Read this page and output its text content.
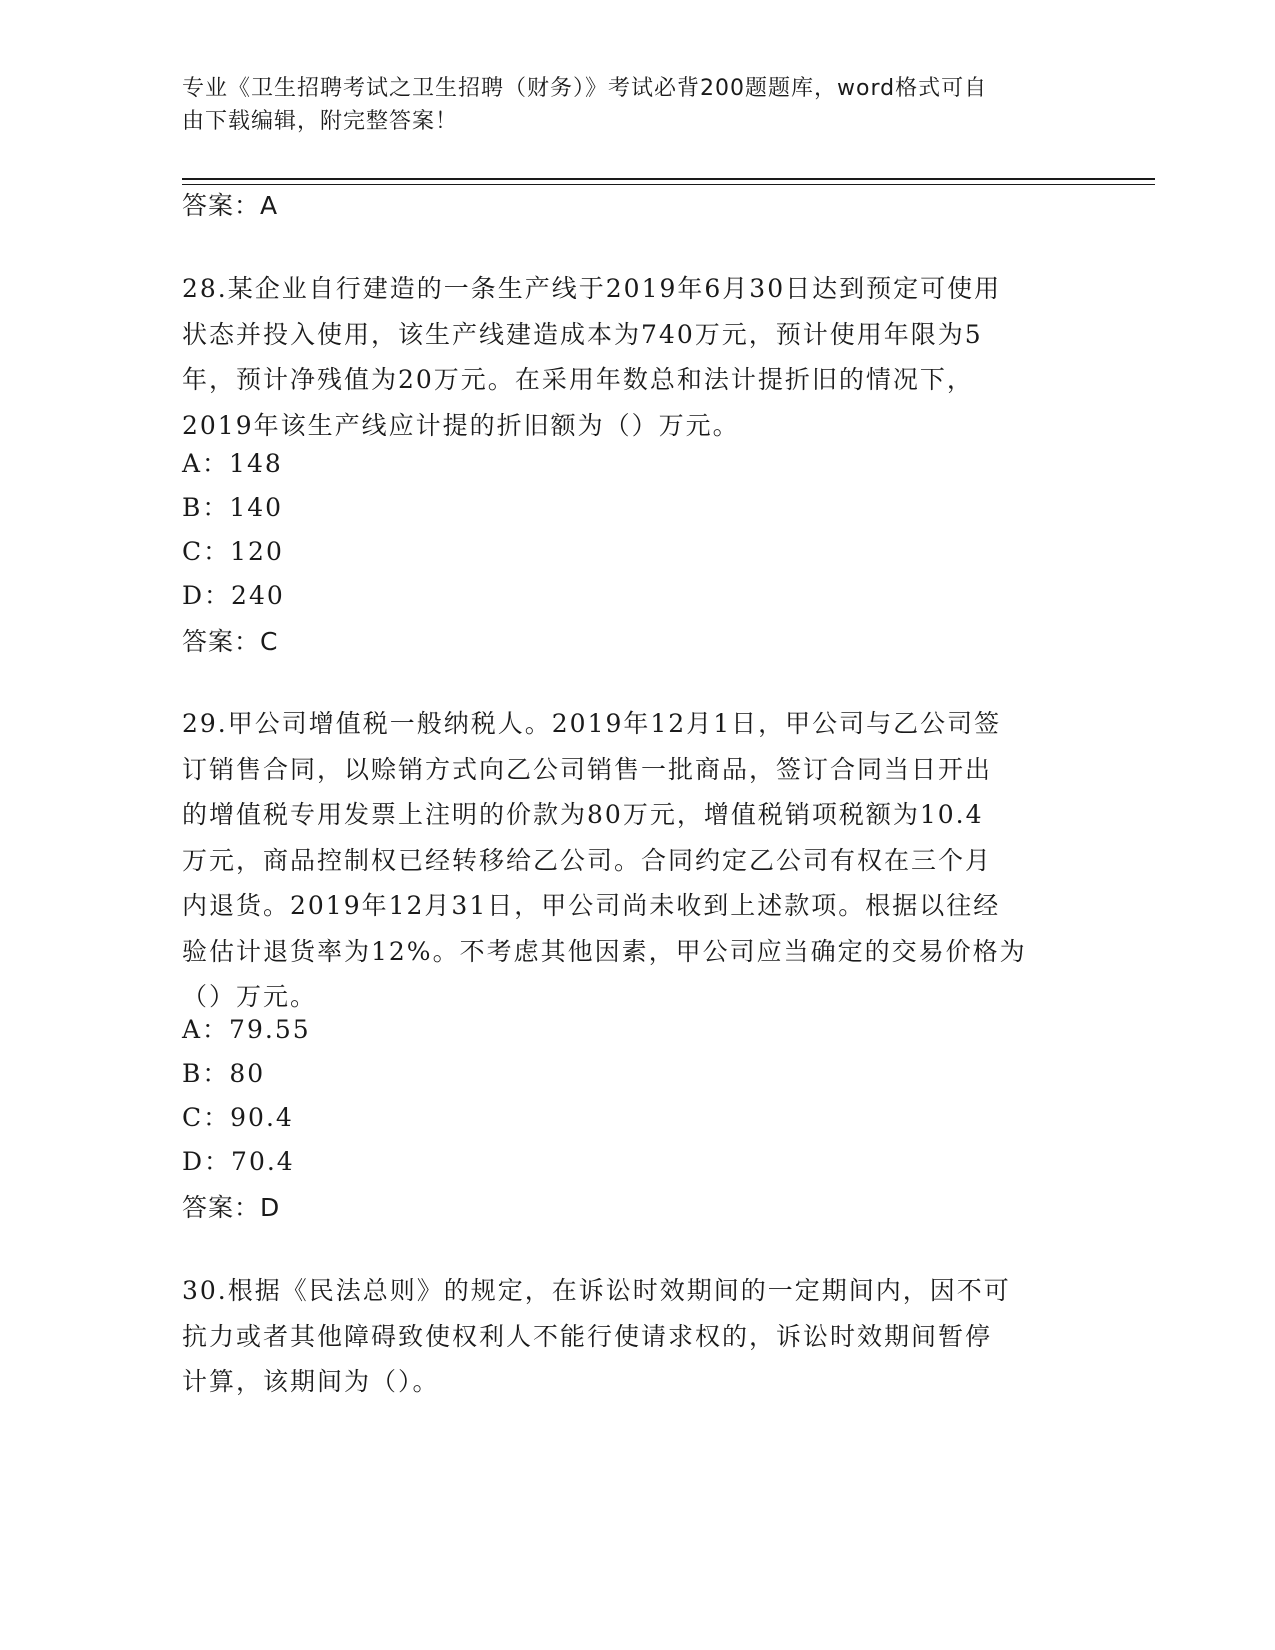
专业《卫生招聘考试之卫生招聘（财务）》考试必背200题题库，word格式可自
由下载编辑，附完整答案！
答案：A
28.某企业自行建造的一条生产线于2019年6月30日达到预定可使用
状态并投入使用，该生产线建造成本为740万元，预计使用年限为5
年，预计净残值为20万元。在采用年数总和法计提折旧的情况下，
2019年该生产线应计提的折旧额为（）万元。
A：148
B：140
C：120
D：240
答案：C
29.甲公司增值税一般纳税人。2019年12月1日，甲公司与乙公司签
订销售合同，以赊销方式向乙公司销售一批商品，签订合同当日开出
的增值税专用发票上注明的价款为80万元，增值税销项税额为10.4
万元，商品控制权已经转移给乙公司。合同约定乙公司有权在三个月
内退货。2019年12月31日，甲公司尚未收到上述款项。根据以往经
验估计退货率为12%。不考虑其他因素，甲公司应当确定的交易价格为
（）万元。
A：79.55
B：80
C：90.4
D：70.4
答案：D
30.根据《民法总则》的规定，在诉讼时效期间的一定期间内，因不可
抗力或者其他障碍致使权利人不能行使请求权的，诉讼时效期间暂停
计算，该期间为（）。
